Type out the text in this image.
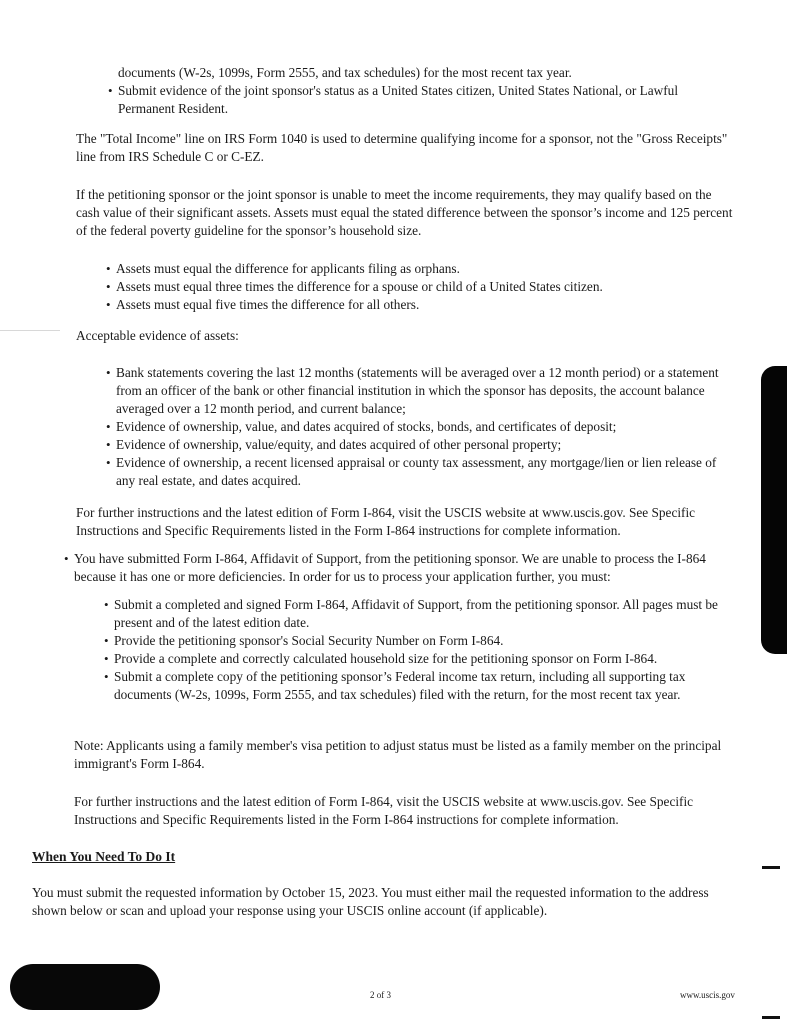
documents (W-2s, 1099s, Form 2555, and tax schedules) for the most recent tax year.

• Submit evidence of the joint sponsor's status as a United States citizen, United States National, or Lawful Permanent Resident.

The "Total Income" line on IRS Form 1040 is used to determine qualifying income for a sponsor, not the "Gross Receipts" line from IRS Schedule C or C-EZ.

If the petitioning sponsor or the joint sponsor is unable to meet the income requirements, they may qualify based on the cash value of their significant assets. Assets must equal the stated difference between the sponsor’s income and 125 percent of the federal poverty guideline for the sponsor’s household size.

• Assets must equal the difference for applicants filing as orphans.
• Assets must equal three times the difference for a spouse or child of a United States citizen.
• Assets must equal five times the difference for all others.

Acceptable evidence of assets:

• Bank statements covering the last 12 months (statements will be averaged over a 12 month period) or a statement from an officer of the bank or other financial institution in which the sponsor has deposits, the account balance averaged over a 12 month period, and current balance;
• Evidence of ownership, value, and dates acquired of stocks, bonds, and certificates of deposit;
• Evidence of ownership, value/equity, and dates acquired of other personal property;
• Evidence of ownership, a recent licensed appraisal or county tax assessment, any mortgage/lien or lien release of any real estate, and dates acquired.

For further instructions and the latest edition of Form I-864, visit the USCIS website at www.uscis.gov. See Specific Instructions and Specific Requirements listed in the Form I-864 instructions for complete information.

• You have submitted Form I-864, Affidavit of Support, from the petitioning sponsor. We are unable to process the I-864 because it has one or more deficiencies. In order for us to process your application further, you must:
• Submit a completed and signed Form I-864, Affidavit of Support, from the petitioning sponsor. All pages must be present and of the latest edition date.
• Provide the petitioning sponsor's Social Security Number on Form I-864.
• Provide a complete and correctly calculated household size for the petitioning sponsor on Form I-864.
• Submit a complete copy of the petitioning sponsor’s Federal income tax return, including all supporting tax documents (W-2s, 1099s, Form 2555, and tax schedules) filed with the return, for the most recent tax year.

Note: Applicants using a family member's visa petition to adjust status must be listed as a family member on the principal immigrant's Form I-864.

For further instructions and the latest edition of Form I-864, visit the USCIS website at www.uscis.gov. See Specific Instructions and Specific Requirements listed in the Form I-864 instructions for complete information.

When You Need To Do It

You must submit the requested information by October 15, 2023. You must either mail the requested information to the address shown below or scan and upload your response using your USCIS online account (if applicable).

2 of 3	www.uscis.gov
